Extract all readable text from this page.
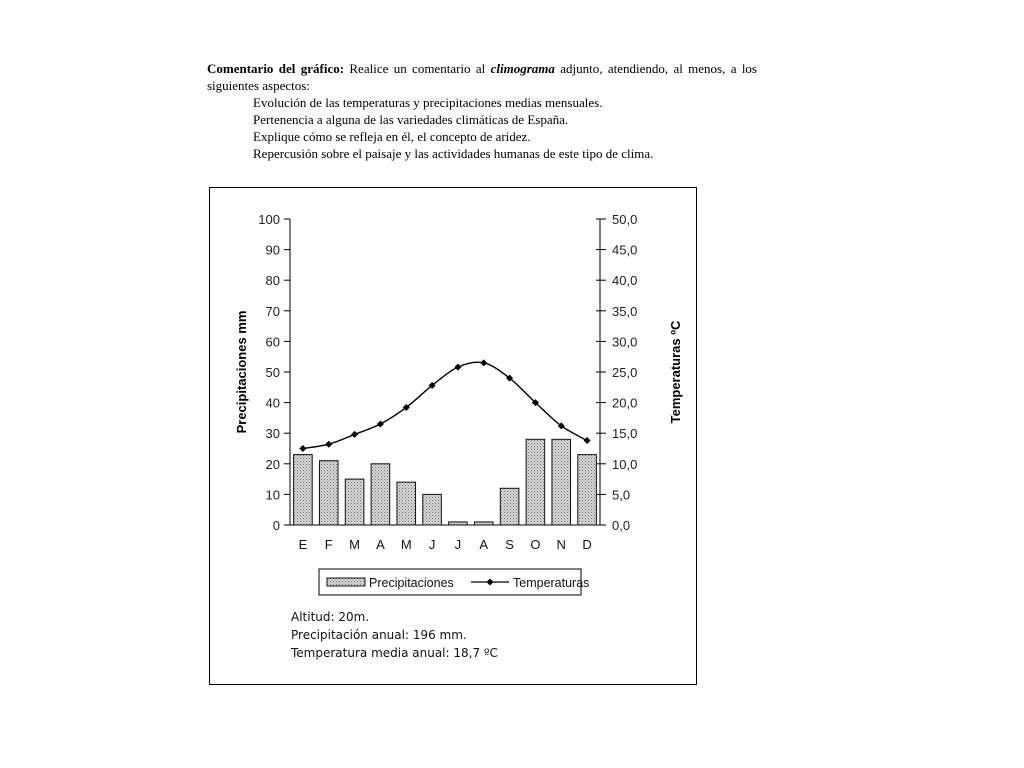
Comentario del gráfico: Realice un comentario al climograma adjunto, atendiendo, al menos, a los siguientes aspectos:

Evolución de las temperaturas y precipitaciones medias mensuales.
Pertenencia a alguna de las variedades climáticas de España.
Explique cómo se refleja en él, el concepto de aridez.
Repercusión sobre el paisaje y las actividades humanas de este tipo de clima.
0
10
20
30
40
50
60
70
80
90
100
0,0
5,0
10,0
15,0
20,0
25,0
30,0
35,0
40,0
45,0
50,0
E F M A M J J A S O N D
Precipitaciones mm	Temperaturas ºC
Precipitaciones	Temperaturas
Altitud: 20m.
Precipitación anual: 196 mm.
Temperatura media anual: 18,7 ºC
